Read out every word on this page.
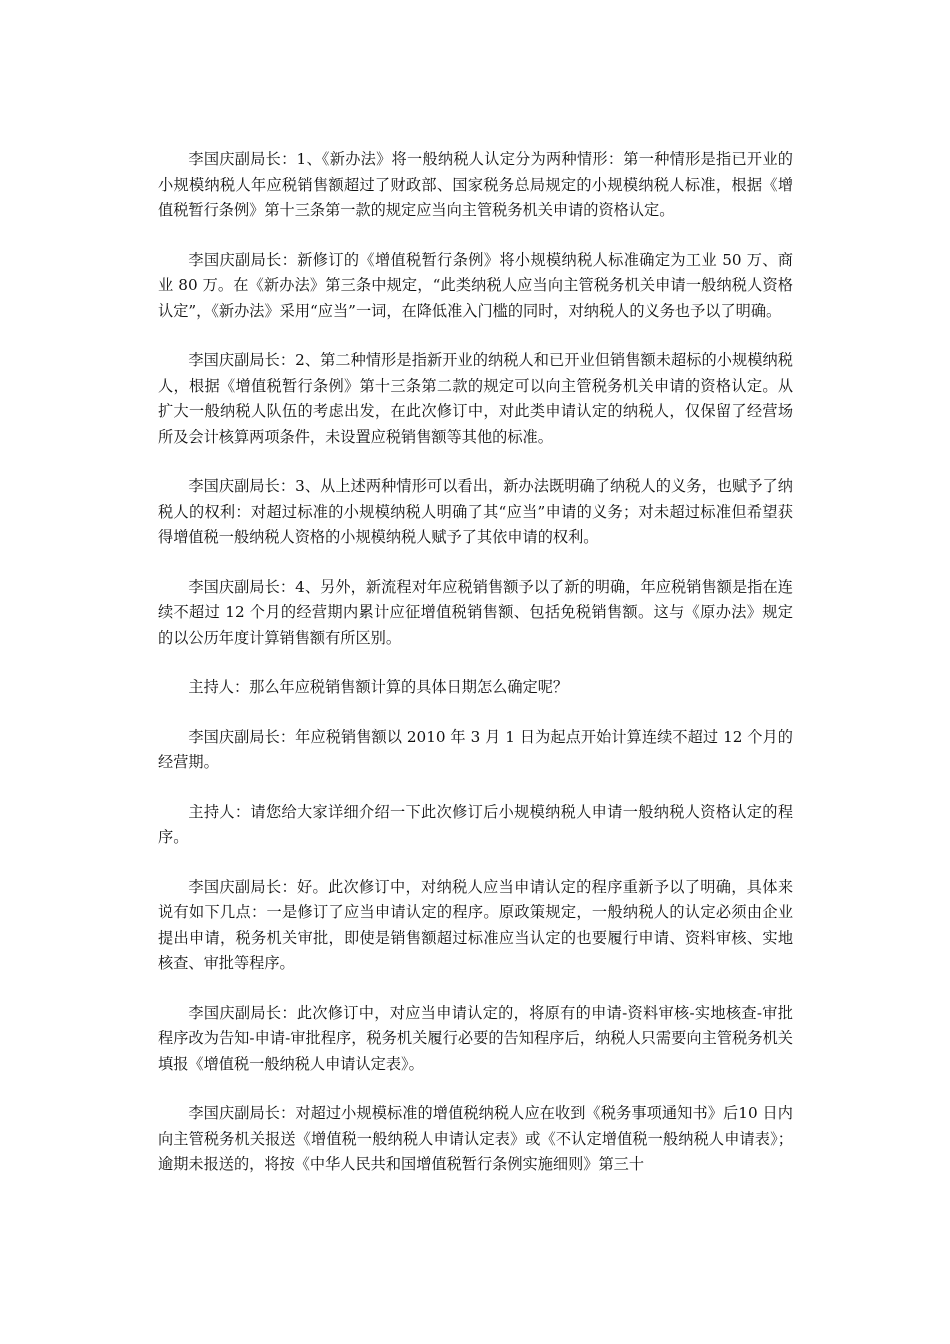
李国庆副局长：1、《新办法》将一般纳税人认定分为两种情形：第一种情形是指已开业的小规模纳税人年应税销售额超过了财政部、国家税务总局规定的小规模纳税人标准，根据《增值税暂行条例》第十三条第一款的规定应当向主管税务机关申请的资格认定。

李国庆副局长：新修订的《增值税暂行条例》将小规模纳税人标准确定为工业 50 万、商业 80 万。在《新办法》第三条中规定，“此类纳税人应当向主管税务机关申请一般纳税人资格认定”，《新办法》采用“应当”一词，在降低准入门槛的同时，对纳税人的义务也予以了明确。

李国庆副局长：2、第二种情形是指新开业的纳税人和已开业但销售额未超标的小规模纳税人，根据《增值税暂行条例》第十三条第二款的规定可以向主管税务机关申请的资格认定。从扩大一般纳税人队伍的考虑出发，在此次修订中，对此类申请认定的纳税人，仅保留了经营场所及会计核算两项条件，未设置应税销售额等其他的标准。

李国庆副局长：3、从上述两种情形可以看出，新办法既明确了纳税人的义务，也赋予了纳税人的权利：对超过标准的小规模纳税人明确了其“应当”申请的义务；对未超过标准但希望获得增值税一般纳税人资格的小规模纳税人赋予了其依申请的权利。

李国庆副局长：4、另外，新流程对年应税销售额予以了新的明确，年应税销售额是指在连续不超过 12 个月的经营期内累计应征增值税销售额、包括免税销售额。这与《原办法》规定的以公历年度计算销售额有所区别。

主持人：那么年应税销售额计算的具体日期怎么确定呢？

李国庆副局长：年应税销售额以 2010 年 3 月 1 日为起点开始计算连续不超过 12 个月的经营期。

主持人：请您给大家详细介绍一下此次修订后小规模纳税人申请一般纳税人资格认定的程序。

李国庆副局长：好。此次修订中，对纳税人应当申请认定的程序重新予以了明确，具体来说有如下几点：一是修订了应当申请认定的程序。原政策规定，一般纳税人的认定必须由企业提出申请，税务机关审批，即使是销售额超过标准应当认定的也要履行申请、资料审核、实地核查、审批等程序。

李国庆副局长：此次修订中，对应当申请认定的，将原有的申请-资料审核-实地核查-审批程序改为告知-申请-审批程序，税务机关履行必要的告知程序后，纳税人只需要向主管税务机关填报《增值税一般纳税人申请认定表》。

李国庆副局长：对超过小规模标准的增值税纳税人应在收到《税务事项通知书》后10 日内向主管税务机关报送《增值税一般纳税人申请认定表》或《不认定增值税一般纳税人申请表》；逾期未报送的，将按《中华人民共和国增值税暂行条例实施细则》第三十
